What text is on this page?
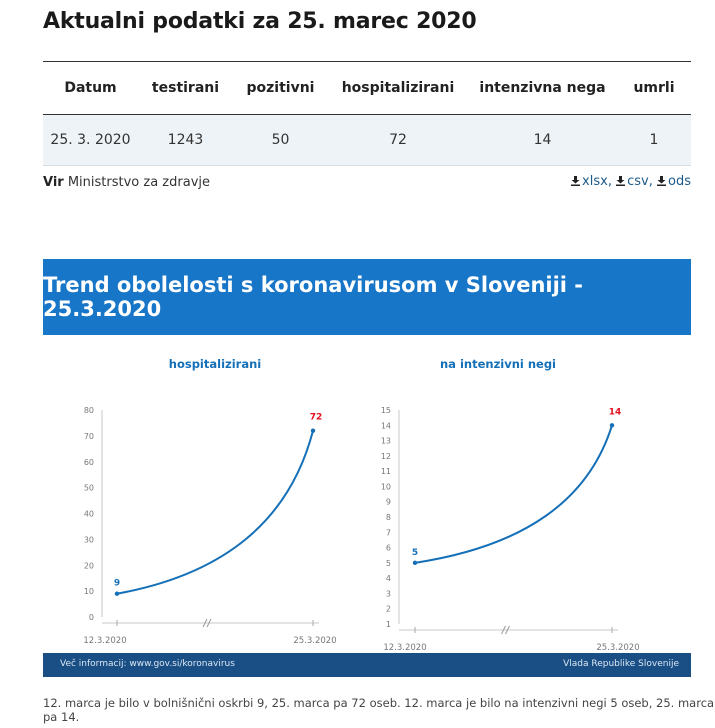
Aktualni podatki za 25. marec 2020
Datum	testirani	pozitivni	hospitalizirani	intenzivna nega	umrli
25. 3. 2020	1243	50	72	14	1
Vir Ministrstvo za zdravje	xlsx, csv, ods
Trend obolelosti s koronavirusom v Sloveniji - 25.3.2020
hospitalizirani
0
10
20
30
40
50
60
70
80
12.3.2020	25.3.2020
9
72
na intenzivni negi
1
2
3
4
5
6
7
8
9
10
11
12
13
14
15
12.3.2020	25.3.2020
5
14
Več informacij: www.gov.si/koronavirus	Vlada Republike Slovenije
12. marca je bilo v bolnišnični oskrbi 9, 25. marca pa 72 oseb. 12. marca je bilo na intenzivni negi 5 oseb, 25. marca pa 14.
